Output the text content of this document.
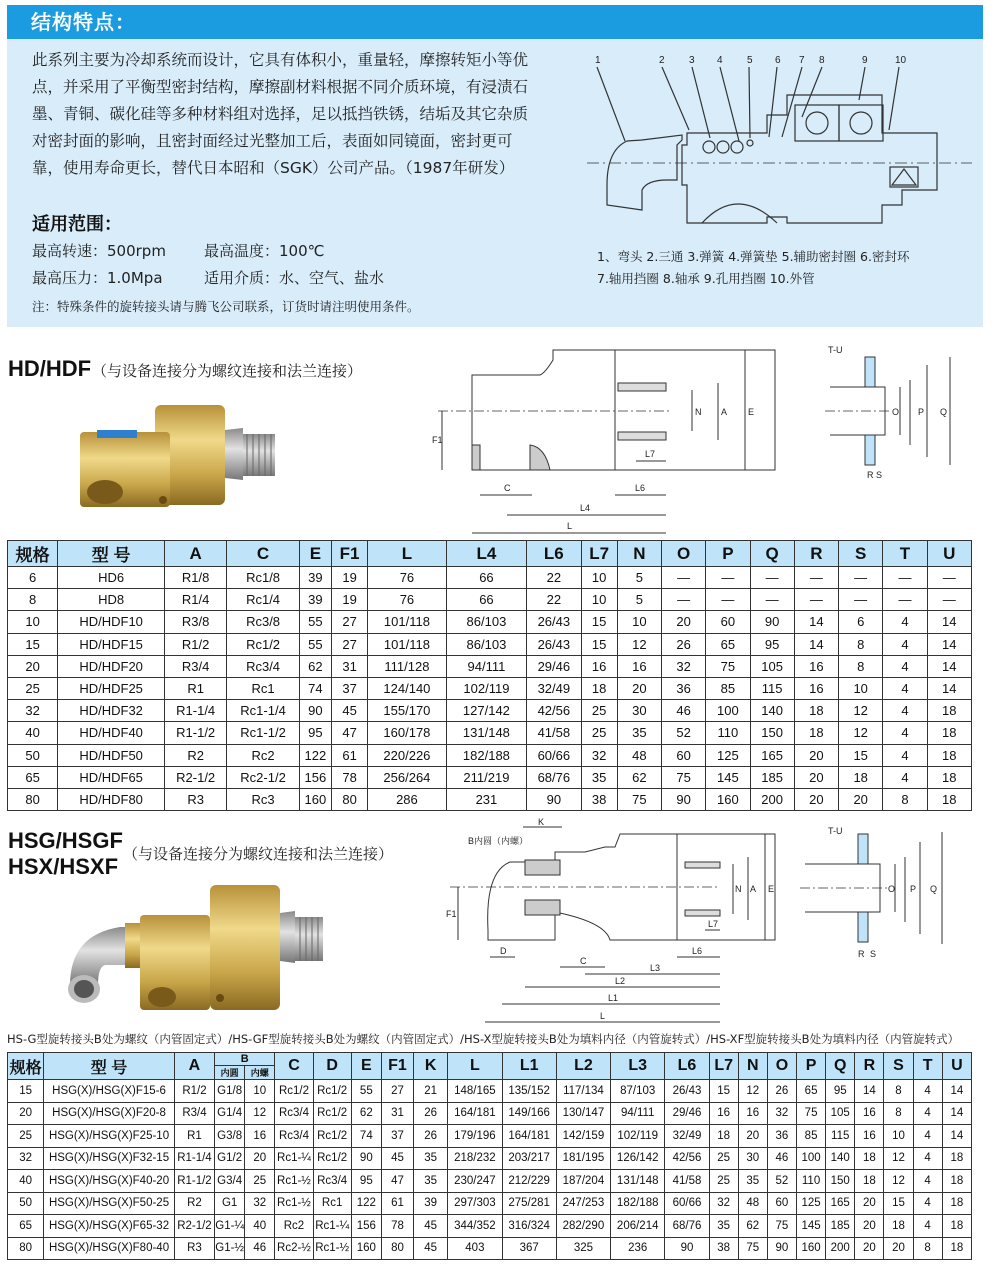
结构特点：
此系列主要为冷却系统而设计，它具有体积小，重量轻，摩擦转矩小等优点，并采用了平衡型密封结构，摩擦副材料根据不同介质环境，有浸渍石墨、青铜、碳化硅等多种材料组对选择，足以抵挡铁锈，结垢及其它杂质对密封面的影响，且密封面经过光整加工后，表面如同镜面，密封更可靠，使用寿命更长，替代日本昭和（SGK）公司产品。（1987年研发）
适用范围：
最高转速：500rpm	最高温度：100℃
最高压力：1.0Mpa	适用介质：水、空气、盐水
注：特殊条件的旋转接头请与腾飞公司联系，订货时请注明使用条件。
1	2 3 4 5 6 7 8	9	10
1、弯头 2.三通 3.弹簧 4.弹簧垫 5.辅助密封圈 6.密封环
7.轴用挡圈 8.轴承 9.孔用挡圈 10.外管
HD/HDF （与设备连接分为螺纹连接和法兰连接）
F1
C
L4
L
L6
L7
N A E
T-U
O P Q
R S
规格	型 号	A	C	E	F1	L	L4	L6	L7	N	O	P	Q	R	S	T	U
6	HD6	R1/8	Rc1/8	39	19	76	66	22	10	5	—	—	—	—	—	—	—
8	HD8	R1/4	Rc1/4	39	19	76	66	22	10	5	—	—	—	—	—	—	—
10	HD/HDF10	R3/8	Rc3/8	55	27	101/118	86/103	26/43	15	10	20	60	90	14	6	4	14
15	HD/HDF15	R1/2	Rc1/2	55	27	101/118	86/103	26/43	15	12	26	65	95	14	8	4	14
20	HD/HDF20	R3/4	Rc3/4	62	31	111/128	94/111	29/46	16	16	32	75	105	16	8	4	14
25	HD/HDF25	R1	Rc1	74	37	124/140	102/119	32/49	18	20	36	85	115	16	10	4	14
32	HD/HDF32	R1-1/4	Rc1-1/4	90	45	155/170	127/142	42/56	25	30	46	100	140	18	12	4	18
40	HD/HDF40	R1-1/2	Rc1-1/2	95	47	160/178	131/148	41/58	25	35	52	110	150	18	12	4	18
50	HD/HDF50	R2	Rc2	122	61	220/226	182/188	60/66	32	48	60	125	165	20	15	4	18
65	HD/HDF65	R2-1/2	Rc2-1/2	156	78	256/264	211/219	68/76	35	62	75	145	185	20	18	4	18
80	HD/HDF80	R3	Rc3	160	80	286	231	90	38	75	90	160	200	20	20	8	18
HSG/HSGF
HSX/HSXF （与设备连接分为螺纹连接和法兰连接）
B内圆（内螺）
K
F1
D
C
L3
L2
L1
L
L6
L7
N A E
T-U
O P Q
R S
HS-G型旋转接头B处为螺纹（内管固定式）/HS-GF型旋转接头B处为螺纹（内管固定式）/HS-X型旋转接头B处为填料内径（内管旋转式）/HS-XF型旋转接头B处为填料内径（内管旋转式）
规格	型 号	A	B		C	D	E	F1	K	L	L1	L2	L3	L6	L7	N	O	P	Q	R	S	T	U
			内圆	内螺																			
15	HSG(X)/HSG(X)F15-6	R1/2	G1/8	10	Rc1/2	Rc1/2	55	27	21	148/165	135/152	117/134	87/103	26/43	15	12	26	65	95	14	8	4	14
20	HSG(X)/HSG(X)F20-8	R3/4	G1/4	12	Rc3/4	Rc1/2	62	31	26	164/181	149/166	130/147	94/111	29/46	16	16	32	75	105	16	8	4	14
25	HSG(X)/HSG(X)F25-10	R1	G3/8	16	Rc3/4	Rc1/2	74	37	26	179/196	164/181	142/159	102/119	32/49	18	20	36	85	115	16	10	4	14
32	HSG(X)/HSG(X)F32-15	R1-1/4	G1/2	20	Rc1-¼	Rc1/2	90	45	35	218/232	203/217	181/195	126/142	42/56	25	30	46	100	140	18	12	4	18
40	HSG(X)/HSG(X)F40-20	R1-1/2	G3/4	25	Rc1-½	Rc3/4	95	47	35	230/247	212/229	187/204	131/148	41/58	25	35	52	110	150	18	12	4	18
50	HSG(X)/HSG(X)F50-25	R2	G1	32	Rc1-½	Rc1	122	61	39	297/303	275/281	247/253	182/188	60/66	32	48	60	125	165	20	15	4	18
65	HSG(X)/HSG(X)F65-32	R2-1/2	G1-¼	40	Rc2	Rc1-¼	156	78	45	344/352	316/324	282/290	206/214	68/76	35	62	75	145	185	20	18	4	18
80	HSG(X)/HSG(X)F80-40	R3	G1-½	46	Rc2-½	Rc1-½	160	80	45	403	367	325	236	90	38	75	90	160	200	20	20	8	18
